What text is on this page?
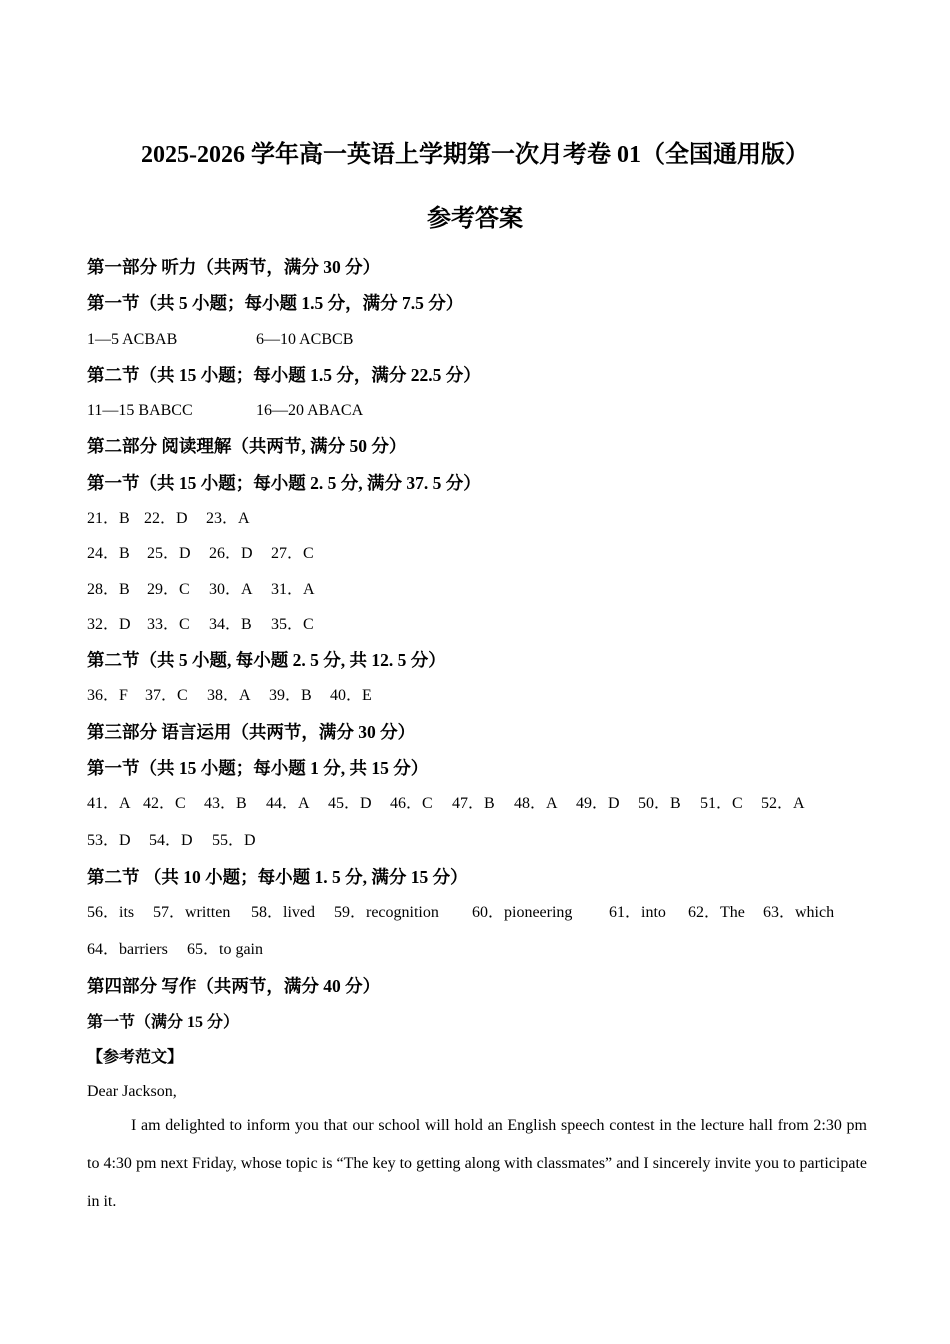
2025-2026 学年高一英语上学期第一次月考卷 01（全国通用版）
参考答案
第一部分 听力（共两节，满分 30 分）
第一节（共 5 小题；每小题 1.5 分，满分 7.5 分）
1—5 ACBAB	6—10 ACBCB
第二节（共 15 小题；每小题 1.5 分，满分 22.5 分）
11—15 BABCC	16—20 ABACA
第二部分 阅读理解（共两节, 满分 50 分）
第一节（共 15 小题；每小题 2. 5 分, 满分 37. 5 分）
21．B 22．D 23．A
24．B 25．D 26．D 27．C
28．B 29．C 30．A 31．A
32．D 33．C 34．B 35．C
第二节（共 5 小题, 每小题 2. 5 分, 共 12. 5 分）
36．F 37．C 38．A 39．B 40．E
第三部分 语言运用（共两节，满分 30 分）
第一节（共 15 小题；每小题 1 分, 共 15 分）
41．A 42．C 43．B 44．A 45．D 46．C 47．B 48．A 49．D 50．B 51．C 52．A
53．D 54．D 55．D
第二节 （共 10 小题；每小题 1. 5 分, 满分 15 分）
56．its 57．written 58．lived 59．recognition 60．pioneering 61．into 62．The 63．which
64．barriers 65．to gain
第四部分 写作（共两节，满分 40 分）
第一节（满分 15 分）
【参考范文】
Dear Jackson,
I am delighted to inform you that our school will hold an English speech contest in the lecture hall from 2:30 pm to 4:30 pm next Friday, whose topic is “The key to getting along with classmates” and I sincerely invite you to participate in it.
